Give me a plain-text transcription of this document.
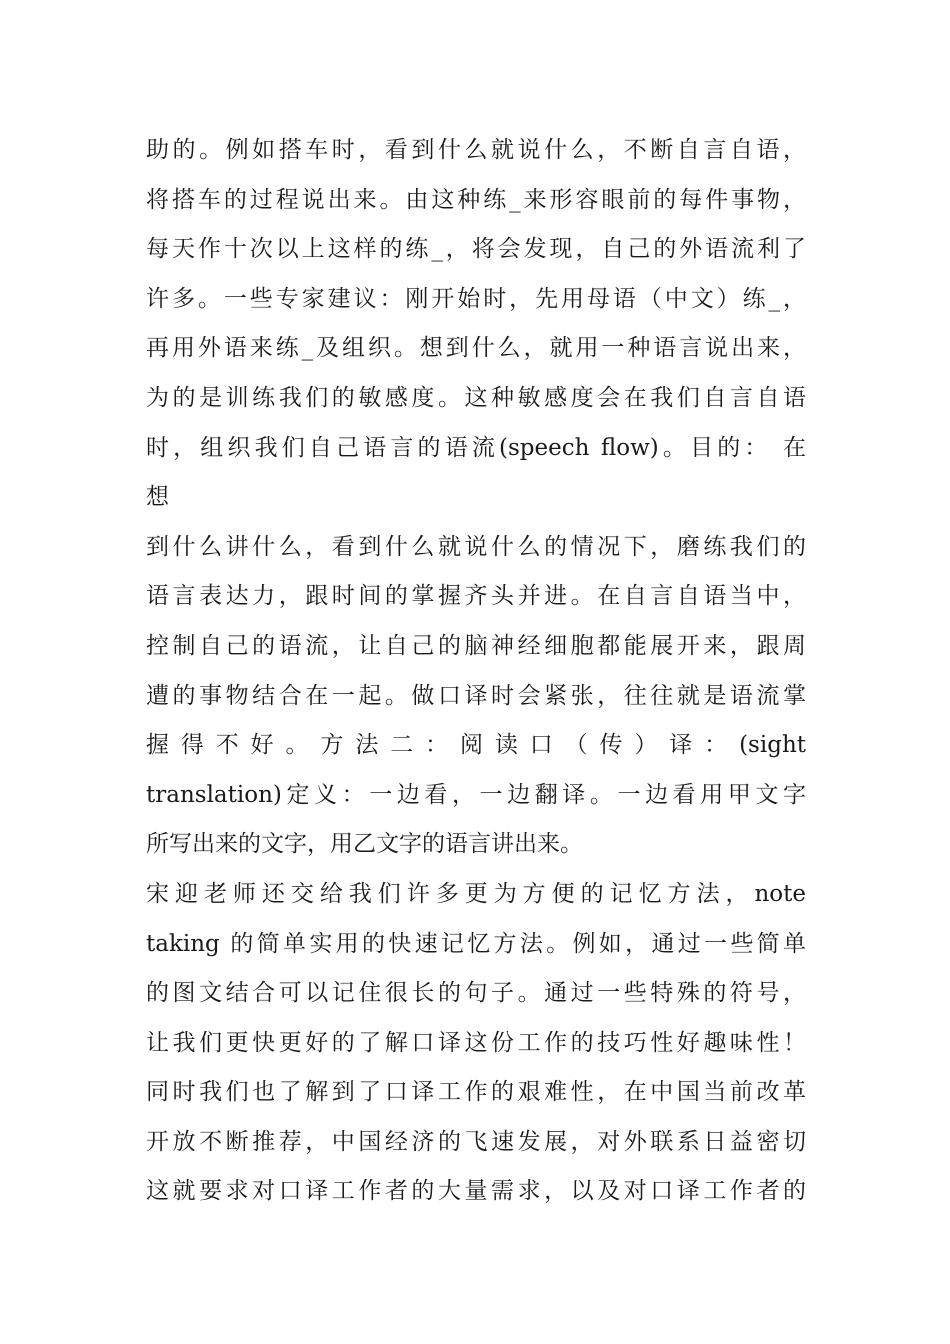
助的。例如搭车时，看到什么就说什么，不断自言自语，
将搭车的过程说出来。由这种练_来形容眼前的每件事物，
每天作十次以上这样的练_，将会发现，自己的外语流利了
许多。一些专家建议：刚开始时，先用母语（中文）练_，
再用外语来练_及组织。想到什么，就用一种语言说出来，
为的是训练我们的敏感度。这种敏感度会在我们自言自语
时，组织我们自己语言的语流(speech flow)。目的： 在
想
到什么讲什么，看到什么就说什么的情况下，磨练我们的
语言表达力，跟时间的掌握齐头并进。在自言自语当中，
控制自己的语流，让自己的脑神经细胞都能展开来，跟周
遭的事物结合在一起。做口译时会紧张，往往就是语流掌
握 得 不 好 。 方 法 二 ： 阅 读 口 （ 传 ） 译 ： (sight
translation)定义：一边看，一边翻译。一边看用甲文字
所写出来的文字，用乙文字的语言讲出来。
宋迎老师还交给我们许多更为方便的记忆方法，note
taking 的简单实用的快速记忆方法。例如，通过一些简单
的图文结合可以记住很长的句子。通过一些特殊的符号，
让我们更快更好的了解口译这份工作的技巧性好趣味性！
同时我们也了解到了口译工作的艰难性，在中国当前改革
开放不断推荐，中国经济的飞速发展，对外联系日益密切
这就要求对口译工作者的大量需求，以及对口译工作者的
